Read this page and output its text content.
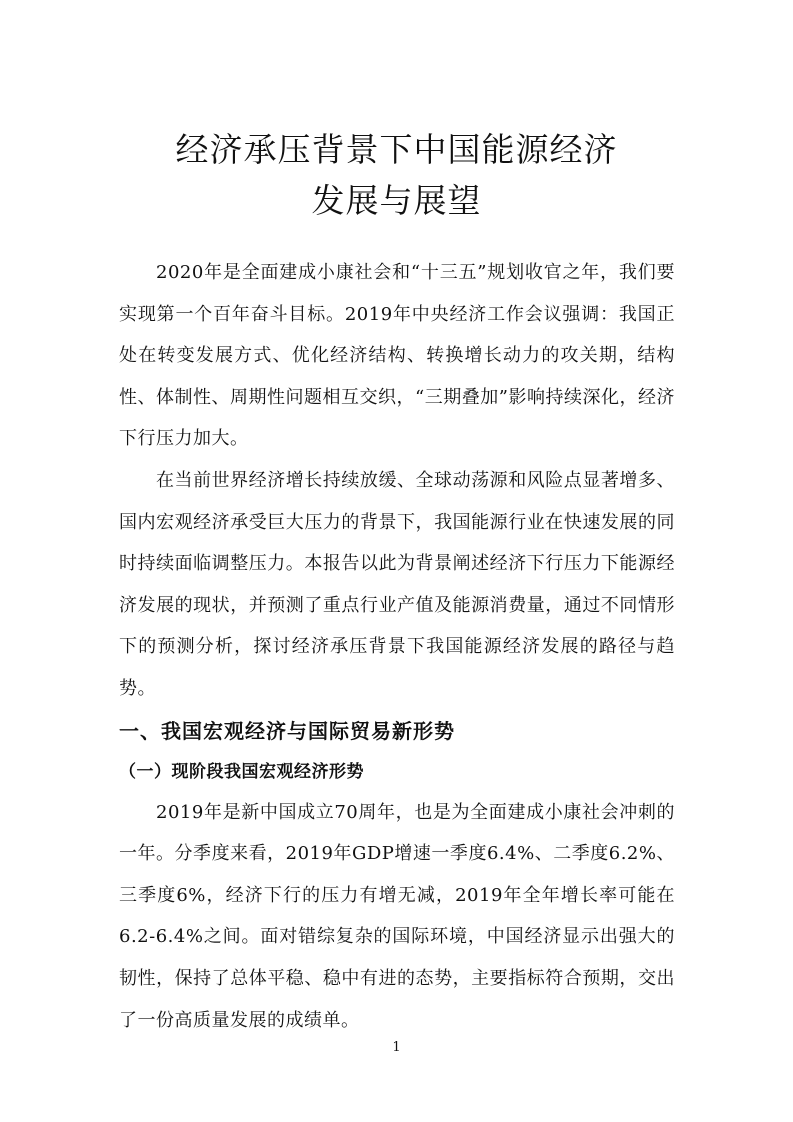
经济承压背景下中国能源经济
发展与展望

2020年是全面建成小康社会和“十三五”规划收官之年，我们要实现第一个百年奋斗目标。2019年中央经济工作会议强调：我国正处在转变发展方式、优化经济结构、转换增长动力的攻关期，结构性、体制性、周期性问题相互交织，“三期叠加”影响持续深化，经济下行压力加大。

在当前世界经济增长持续放缓、全球动荡源和风险点显著增多、国内宏观经济承受巨大压力的背景下，我国能源行业在快速发展的同时持续面临调整压力。本报告以此为背景阐述经济下行压力下能源经济发展的现状，并预测了重点行业产值及能源消费量，通过不同情形下的预测分析，探讨经济承压背景下我国能源经济发展的路径与趋势。

一、我国宏观经济与国际贸易新形势
（一）现阶段我国宏观经济形势

2019年是新中国成立70周年，也是为全面建成小康社会冲刺的一年。分季度来看，2019年GDP增速一季度6.4%、二季度6.2%、三季度6%，经济下行的压力有增无减，2019年全年增长率可能在6.2-6.4%之间。面对错综复杂的国际环境，中国经济显示出强大的韧性，保持了总体平稳、稳中有进的态势，主要指标符合预期，交出了一份高质量发展的成绩单。

1
